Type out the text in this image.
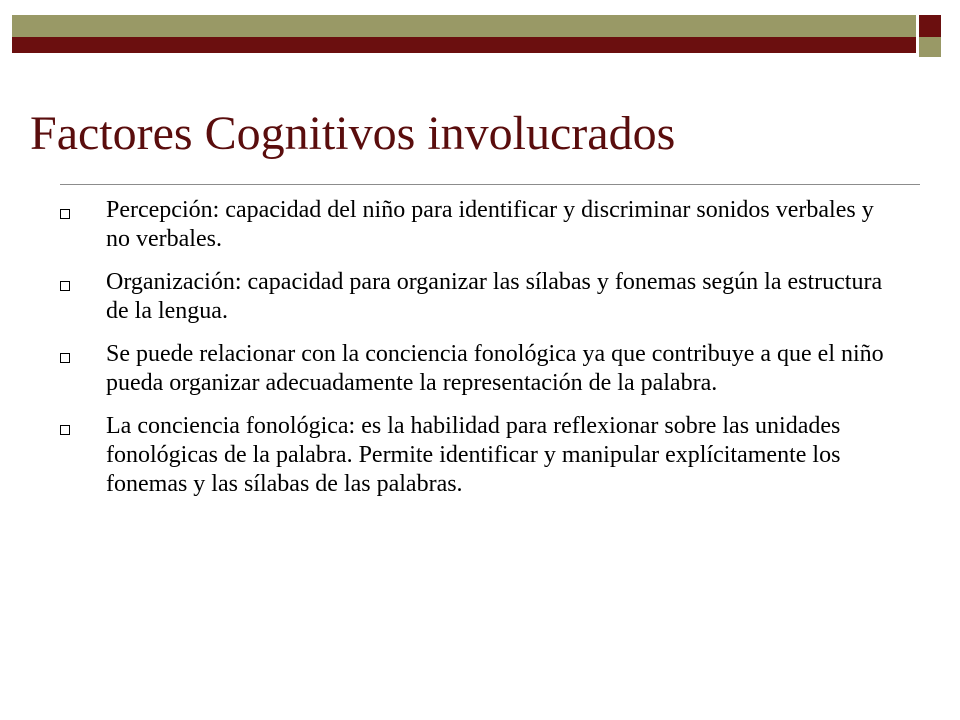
Factores Cognitivos involucrados
Percepción: capacidad del niño para identificar y discriminar sonidos verbales y no verbales.
Organización: capacidad para organizar las sílabas y fonemas según la estructura de la lengua.
Se puede relacionar con la conciencia fonológica ya que contribuye a que el niño pueda organizar adecuadamente la representación de la palabra.
La conciencia fonológica: es la habilidad para reflexionar sobre las unidades fonológicas de la palabra. Permite identificar y manipular explícitamente los fonemas y las sílabas de las palabras.
